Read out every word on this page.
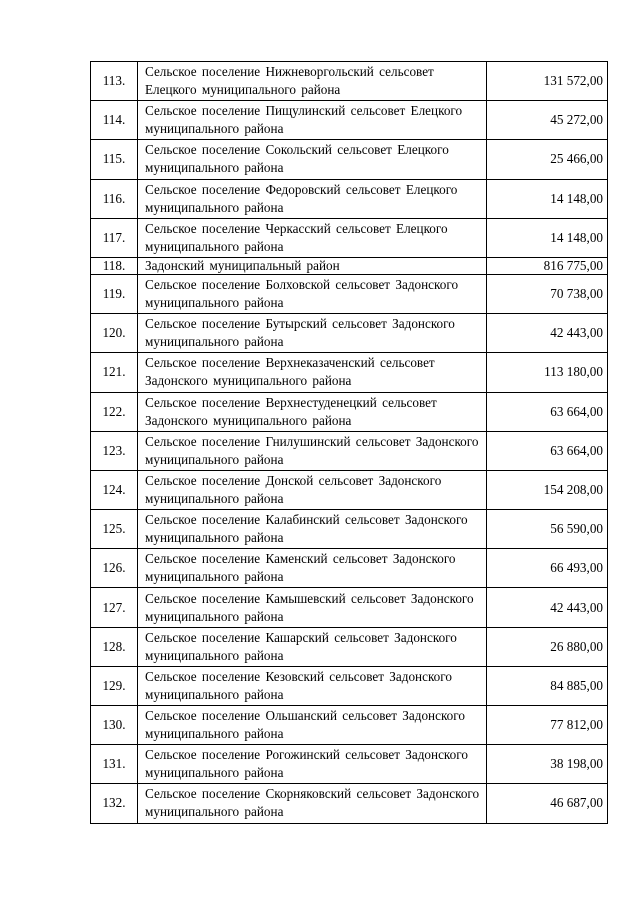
113.	Сельское поселение Нижневоргольский сельсовет Елецкого муниципального района	131 572,00
114.	Сельское поселение Пищулинский сельсовет Елецкого муниципального района	45 272,00
115.	Сельское поселение Сокольский сельсовет Елецкого муниципального района	25 466,00
116.	Сельское поселение Федоровский сельсовет Елецкого муниципального района	14 148,00
117.	Сельское поселение Черкасский сельсовет Елецкого муниципального района	14 148,00
118.	Задонский муниципальный район	816 775,00
119.	Сельское поселение Болховской сельсовет Задонского муниципального района	70 738,00
120.	Сельское поселение Бутырский сельсовет Задонского муниципального района	42 443,00
121.	Сельское поселение Верхнеказаченский сельсовет Задонского муниципального района	113 180,00
122.	Сельское поселение Верхнестуденецкий сельсовет Задонского муниципального района	63 664,00
123.	Сельское поселение Гнилушинский сельсовет Задонского муниципального района	63 664,00
124.	Сельское поселение Донской сельсовет Задонского муниципального района	154 208,00
125.	Сельское поселение Калабинский сельсовет Задонского муниципального района	56 590,00
126.	Сельское поселение Каменский сельсовет Задонского муниципального района	66 493,00
127.	Сельское поселение Камышевский сельсовет Задонского муниципального района	42 443,00
128.	Сельское поселение Кашарский сельсовет Задонского муниципального района	26 880,00
129.	Сельское поселение Кезовский сельсовет Задонского муниципального района	84 885,00
130.	Сельское поселение Ольшанский сельсовет Задонского муниципального района	77 812,00
131.	Сельское поселение Рогожинский сельсовет Задонского муниципального района	38 198,00
132.	Сельское поселение Скорняковский сельсовет Задонского муниципального района	46 687,00
